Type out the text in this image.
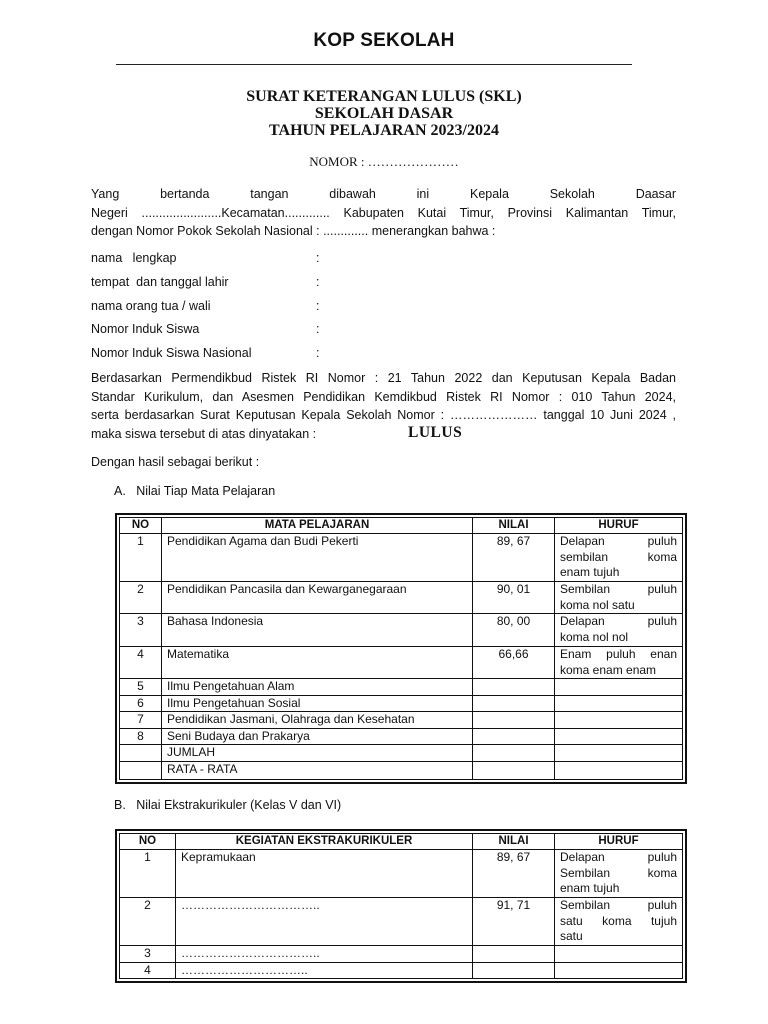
KOP SEKOLAH
SURAT KETERANGAN LULUS (SKL)
SEKOLAH DASAR
TAHUN PELAJARAN 2023/2024
NOMOR : …………………
Yang bertanda tangan dibawah ini Kepala Sekolah Daasar
Negeri .......................Kecamatan............. Kabupaten Kutai Timur, Provinsi Kalimantan Timur,
dengan Nomor Pokok Sekolah Nasional : ............. menerangkan bahwa :
nama   lengkap	:
tempat  dan tanggal lahir	:
nama orang tua / wali	:
Nomor Induk Siswa	:
Nomor Induk Siswa Nasional	:
Berdasarkan Permendikbud Ristek RI Nomor : 21 Tahun 2022 dan Keputusan Kepala Badan
Standar Kurikulum, dan Asesmen Pendidikan Kemdikbud Ristek RI Nomor : 010 Tahun 2024,
serta berdasarkan Surat Keputusan Kepala Sekolah Nomor : ………………… tanggal 10 Juni 2024 ,
maka siswa tersebut di atas dinyatakan :	LULUS
Dengan hasil sebagai berikut :
A.   Nilai Tiap Mata Pelajaran
NO	MATA PELAJARAN	NILAI	HURUF
1	Pendidikan Agama dan Budi Pekerti	89, 67	Delapan puluh
sembilan koma
enam tujuh

2	Pendidikan Pancasila dan Kewarganegaraan	90, 01	Sembilan puluh
koma nol satu

3	Bahasa Indonesia	80, 00	Delapan puluh
koma nol nol

4	Matematika	66,66	Enam puluh enan
koma enam enam

5	Ilmu Pengetahuan Alam		
6	Ilmu Pengetahuan Sosial		
7	Pendidikan Jasmani, Olahraga dan Kesehatan		
8	Seni Budaya dan Prakarya		
	JUMLAH		
	RATA - RATA		
B.   Nilai Ekstrakurikuler (Kelas V dan VI)
NO	KEGIATAN EKSTRAKURIKULER	NILAI	HURUF
1	Kepramukaan	89, 67	Delapan puluh
Sembilan koma
enam tujuh

2	……………………………..	91, 71	Sembilan puluh
satu koma tujuh
satu

3	……………………………..		
4	…………………………..		
